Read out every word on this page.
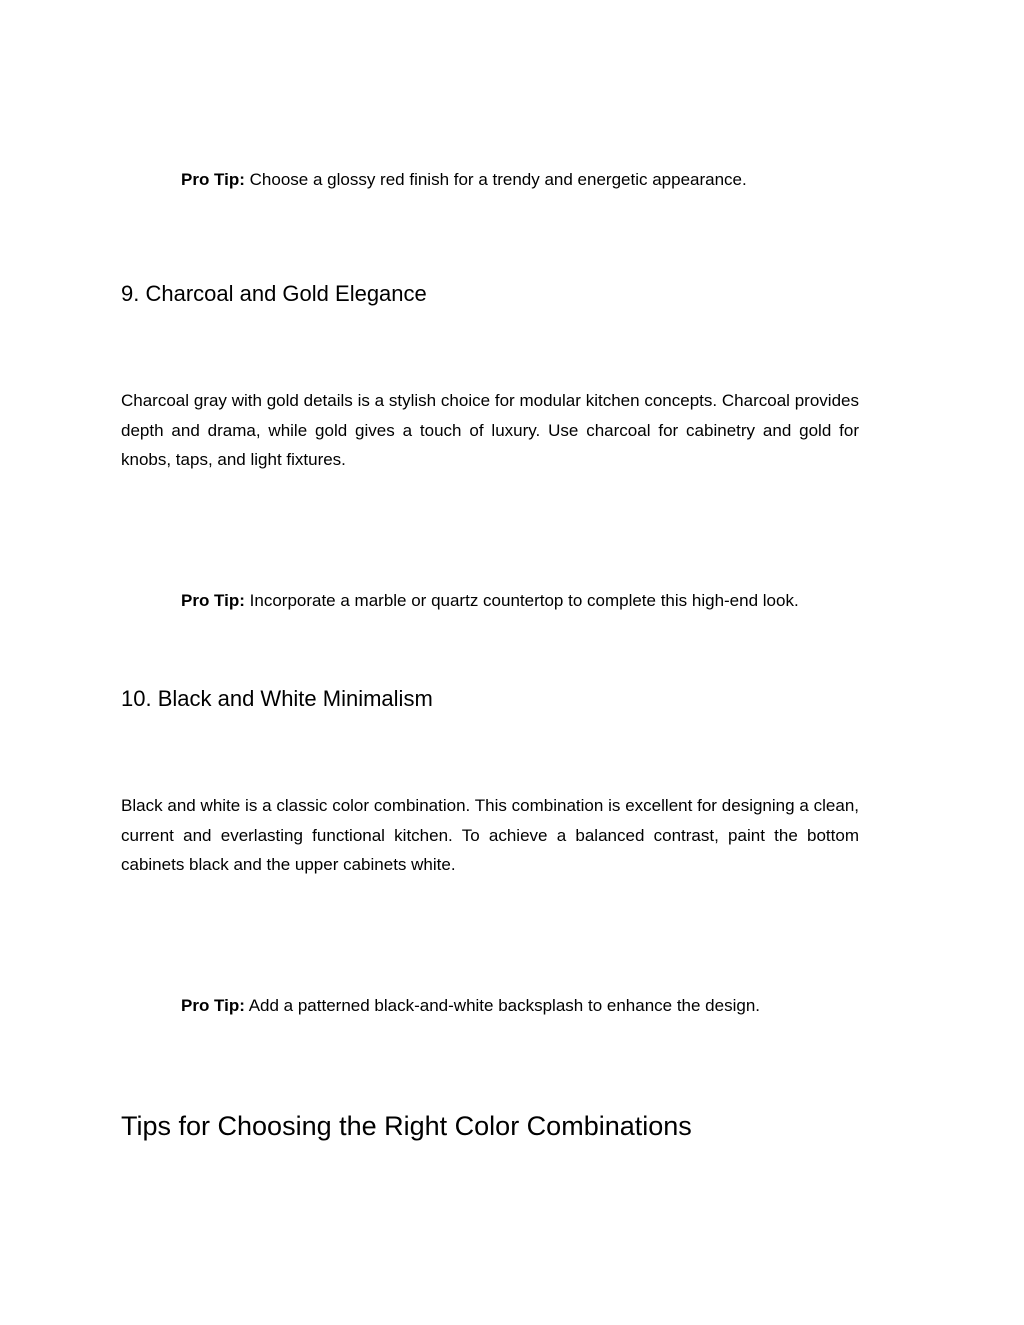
Pro Tip: Choose a glossy red finish for a trendy and energetic appearance.

9. Charcoal and Gold Elegance

Charcoal gray with gold details is a stylish choice for modular kitchen concepts. Charcoal provides depth and drama, while gold gives a touch of luxury. Use charcoal for cabinetry and gold for knobs, taps, and light fixtures.

Pro Tip: Incorporate a marble or quartz countertop to complete this high-end look.

10. Black and White Minimalism

Black and white is a classic color combination. This combination is excellent for designing a clean, current and everlasting functional kitchen. To achieve a balanced contrast, paint the bottom cabinets black and the upper cabinets white.

Pro Tip: Add a patterned black-and-white backsplash to enhance the design.

Tips for Choosing the Right Color Combinations
